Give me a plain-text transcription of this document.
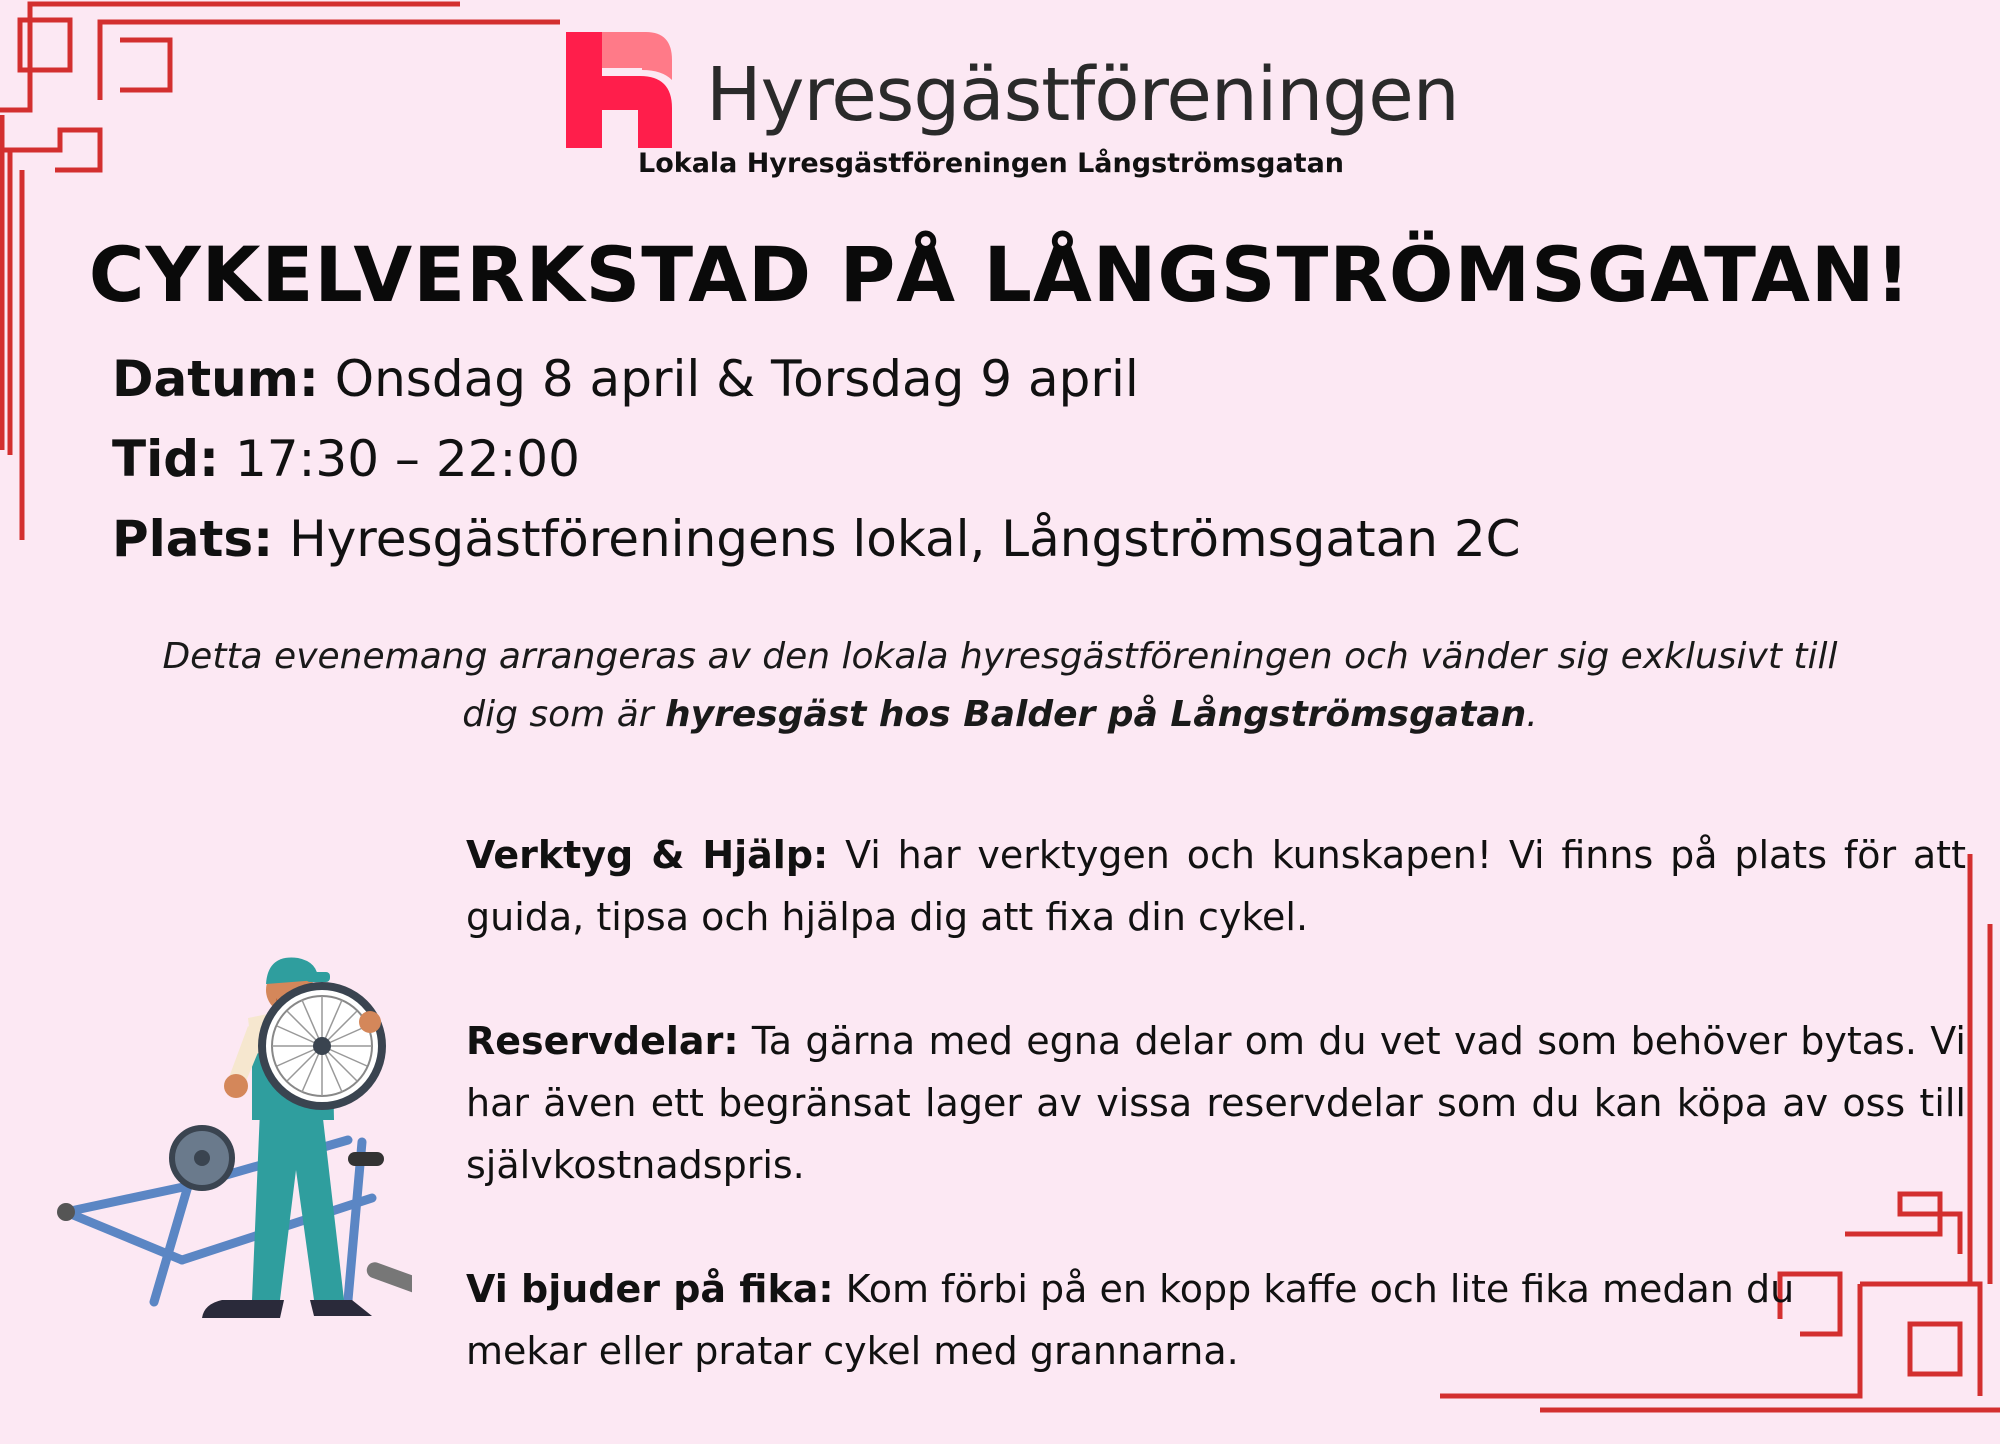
Hyresgästföreningen
Lokala Hyresgästföreningen Långströmsgatan
CYKELVERKSTAD PÅ LÅNGSTRÖMSGATAN!
Datum: Onsdag 8 april & Torsdag 9 april
Tid: 17:30 – 22:00
Plats: Hyresgästföreningens lokal, Långströmsgatan 2C
Detta evenemang arrangeras av den lokala hyresgästföreningen och vänder sig exklusivt till dig som är hyresgäst hos Balder på Långströmsgatan.

Verktyg & Hjälp: Vi har verktygen och kunskapen! Vi finns på plats för att guida, tipsa och hjälpa dig att fixa din cykel.

Reservdelar: Ta gärna med egna delar om du vet vad som behöver bytas. Vi har även ett begränsat lager av vissa reservdelar som du kan köpa av oss till självkostnadspris.

Vi bjuder på fika: Kom förbi på en kopp kaffe och lite fika medan du mekar eller pratar cykel med grannarna.
